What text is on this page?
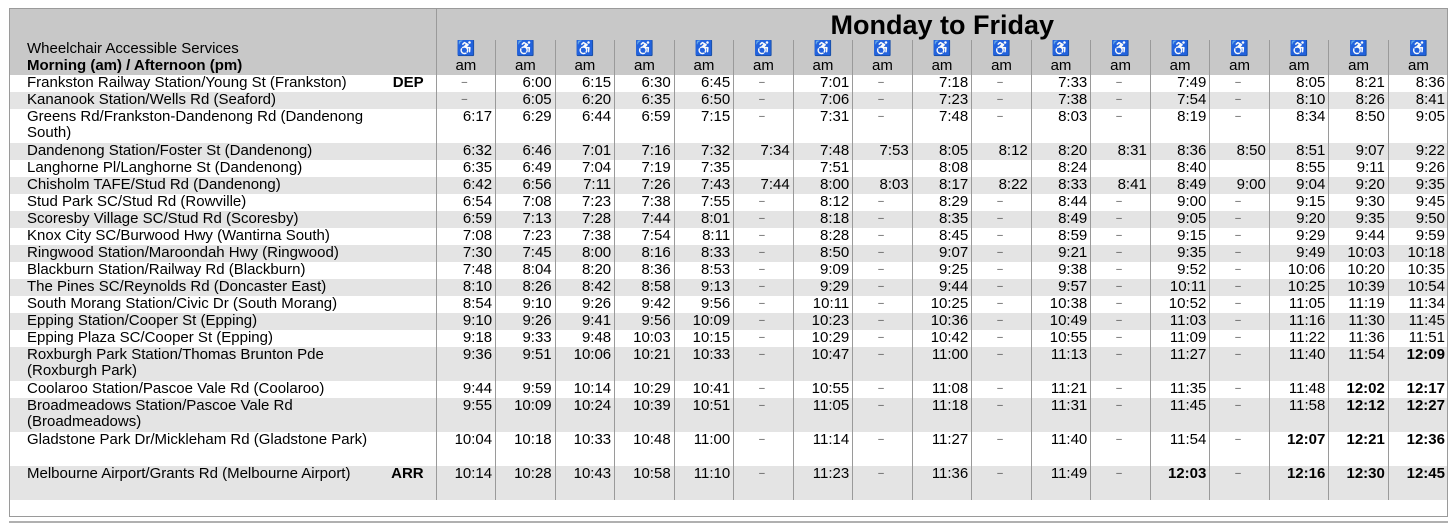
	Monday to Friday																
Wheelchair Accessible Services	♿	♿	♿	♿	♿	♿	♿	♿	♿	♿	♿	♿	♿	♿	♿	♿	♿
Morning (am) / Afternoon (pm)	am	am	am	am	am	am	am	am	am	am	am	am	am	am	am	am	am

Frankston Railway Station/Young St (Frankston) DEP	–	6:00	6:15	6:30	6:45	–	7:01	–	7:18	–	7:33	–	7:49	–	8:05	8:21	8:36

Kananook Station/Wells Rd (Seaford)	–	6:05	6:20	6:35	6:50	–	7:06	–	7:23	–	7:38	–	7:54	–	8:10	8:26	8:41

Greens Rd/Frankston-Dandenong Rd (Dandenong South)	6:17	6:29	6:44	6:59	7:15	–	7:31	–	7:48	–	8:03	–	8:19	–	8:34	8:50	9:05

Dandenong Station/Foster St (Dandenong)	6:32	6:46	7:01	7:16	7:32	7:34	7:48	7:53	8:05	8:12	8:20	8:31	8:36	8:50	8:51	9:07	9:22

Langhorne Pl/Langhorne St (Dandenong)	6:35	6:49	7:04	7:19	7:35		7:51		8:08		8:24		8:40		8:55	9:11	9:26

Chisholm TAFE/Stud Rd (Dandenong)	6:42	6:56	7:11	7:26	7:43	7:44	8:00	8:03	8:17	8:22	8:33	8:41	8:49	9:00	9:04	9:20	9:35

Stud Park SC/Stud Rd (Rowville)	6:54	7:08	7:23	7:38	7:55	–	8:12	–	8:29	–	8:44	–	9:00	–	9:15	9:30	9:45

Scoresby Village SC/Stud Rd (Scoresby)	6:59	7:13	7:28	7:44	8:01	–	8:18	–	8:35	–	8:49	–	9:05	–	9:20	9:35	9:50

Knox City SC/Burwood Hwy (Wantirna South)	7:08	7:23	7:38	7:54	8:11	–	8:28	–	8:45	–	8:59	–	9:15	–	9:29	9:44	9:59

Ringwood Station/Maroondah Hwy (Ringwood)	7:30	7:45	8:00	8:16	8:33	–	8:50	–	9:07	–	9:21	–	9:35	–	9:49	10:03	10:18

Blackburn Station/Railway Rd (Blackburn)	7:48	8:04	8:20	8:36	8:53	–	9:09	–	9:25	–	9:38	–	9:52	–	10:06	10:20	10:35

The Pines SC/Reynolds Rd (Doncaster East)	8:10	8:26	8:42	8:58	9:13	–	9:29	–	9:44	–	9:57	–	10:11	–	10:25	10:39	10:54

South Morang Station/Civic Dr (South Morang)	8:54	9:10	9:26	9:42	9:56	–	10:11	–	10:25	–	10:38	–	10:52	–	11:05	11:19	11:34

Epping Station/Cooper St (Epping)	9:10	9:26	9:41	9:56	10:09	–	10:23	–	10:36	–	10:49	–	11:03	–	11:16	11:30	11:45

Epping Plaza SC/Cooper St (Epping)	9:18	9:33	9:48	10:03	10:15	–	10:29	–	10:42	–	10:55	–	11:09	–	11:22	11:36	11:51

Roxburgh Park Station/Thomas Brunton Pde (Roxburgh Park)	9:36	9:51	10:06	10:21	10:33	–	10:47	–	11:00	–	11:13	–	11:27	–	11:40	11:54	12:09

Coolaroo Station/Pascoe Vale Rd (Coolaroo)	9:44	9:59	10:14	10:29	10:41	–	10:55	–	11:08	–	11:21	–	11:35	–	11:48	12:02	12:17

Broadmeadows Station/Pascoe Vale Rd (Broadmeadows)	9:55	10:09	10:24	10:39	10:51	–	11:05	–	11:18	–	11:31	–	11:45	–	11:58	12:12	12:27

Gladstone Park Dr/Mickleham Rd (Gladstone Park)	10:04	10:18	10:33	10:48	11:00	–	11:14	–	11:27	–	11:40	–	11:54	–	12:07	12:21	12:36

Melbourne Airport/Grants Rd (Melbourne Airport) ARR	10:14	10:28	10:43	10:58	11:10	–	11:23	–	11:36	–	11:49	–	12:03	–	12:16	12:30	12:45
